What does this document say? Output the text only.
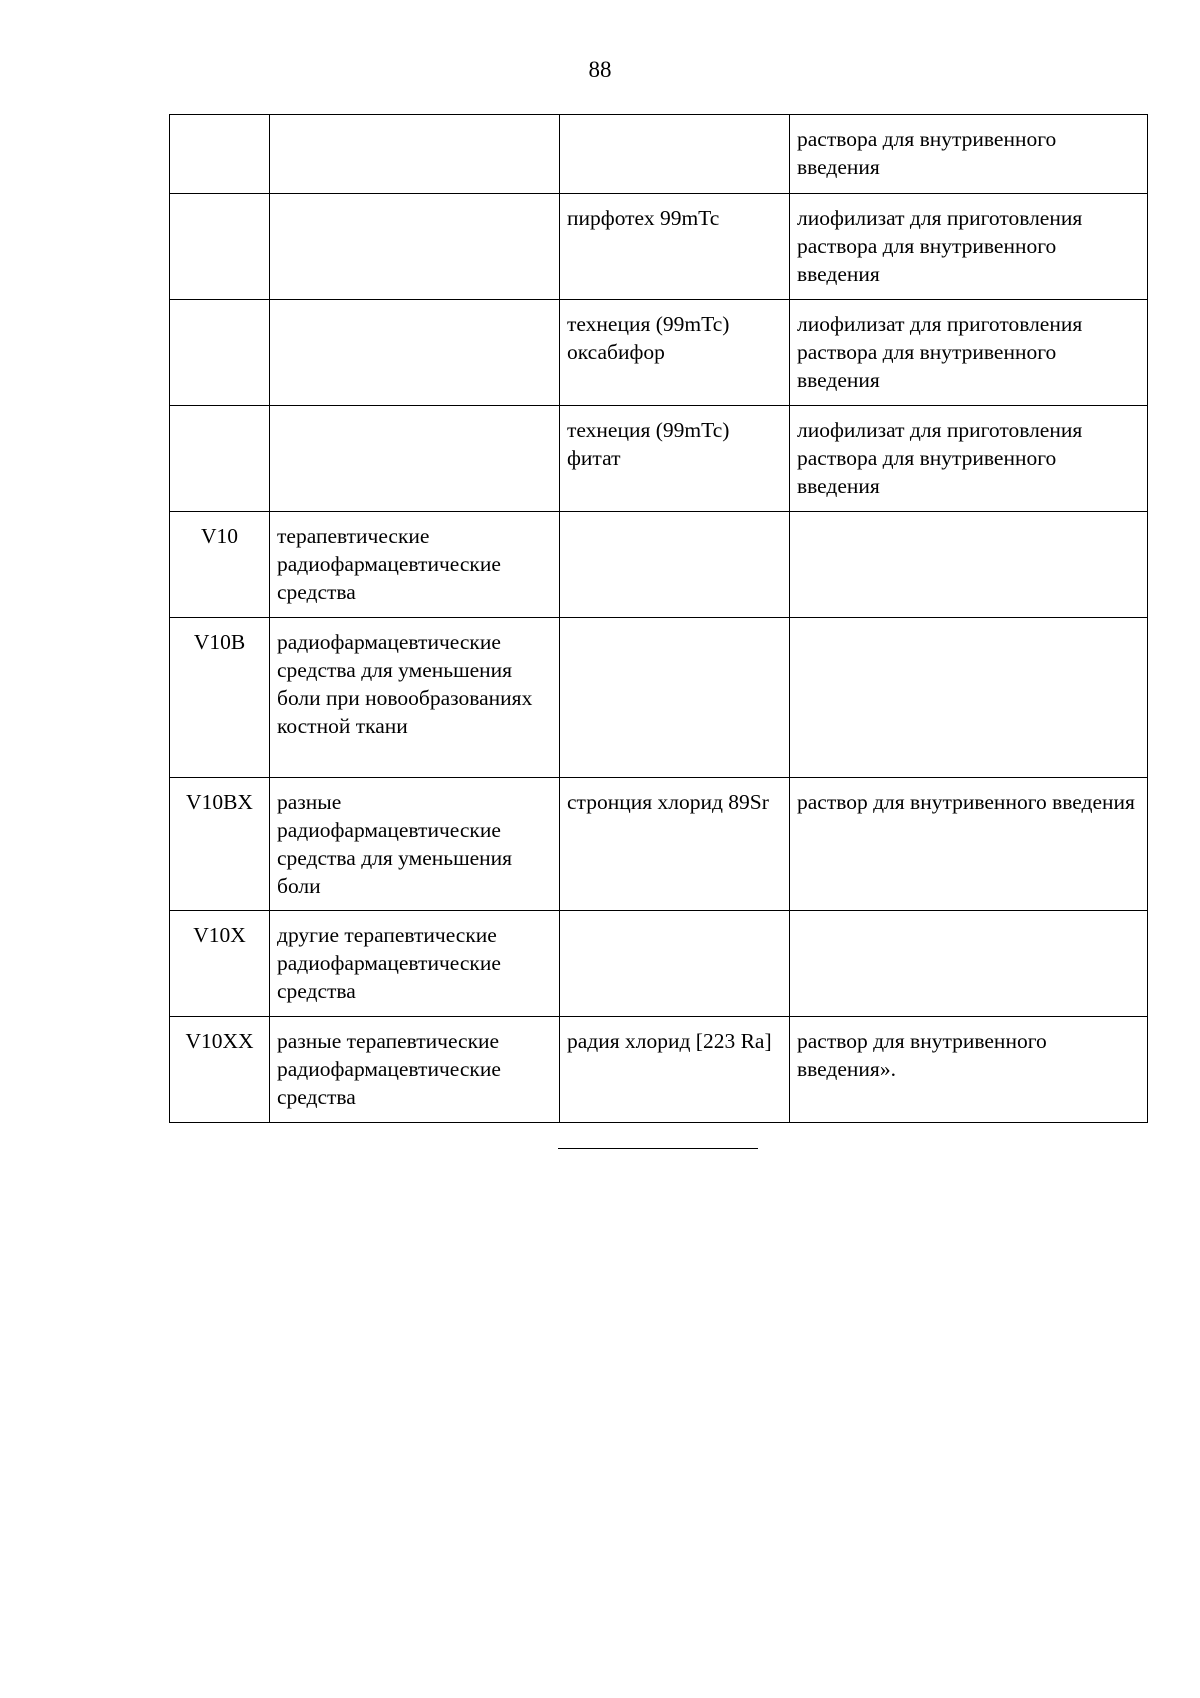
88
			раствора для внутривенного введения
		пирфотех 99mTc	лиофилизат для приготовления раствора для внутривенного введения
		технеция (99mTc) оксабифор	лиофилизат для приготовления раствора для внутривенного введения
		технеция (99mTc) фитат	лиофилизат для приготовления раствора для внутривенного введения
V10	терапевтические радиофармацевтические средства		
V10B	радиофармацевтические средства для уменьшения боли при новообразованиях костной ткани		
V10BX	разные радиофармацевтические средства для уменьшения боли	стронция хлорид 89Sr	раствор для внутривенного введения
V10X	другие терапевтические радиофармацевтические средства		
V10XX	разные терапевтические радиофармацевтические средства	радия хлорид [223 Ra]	раствор для внутривенного введения».
